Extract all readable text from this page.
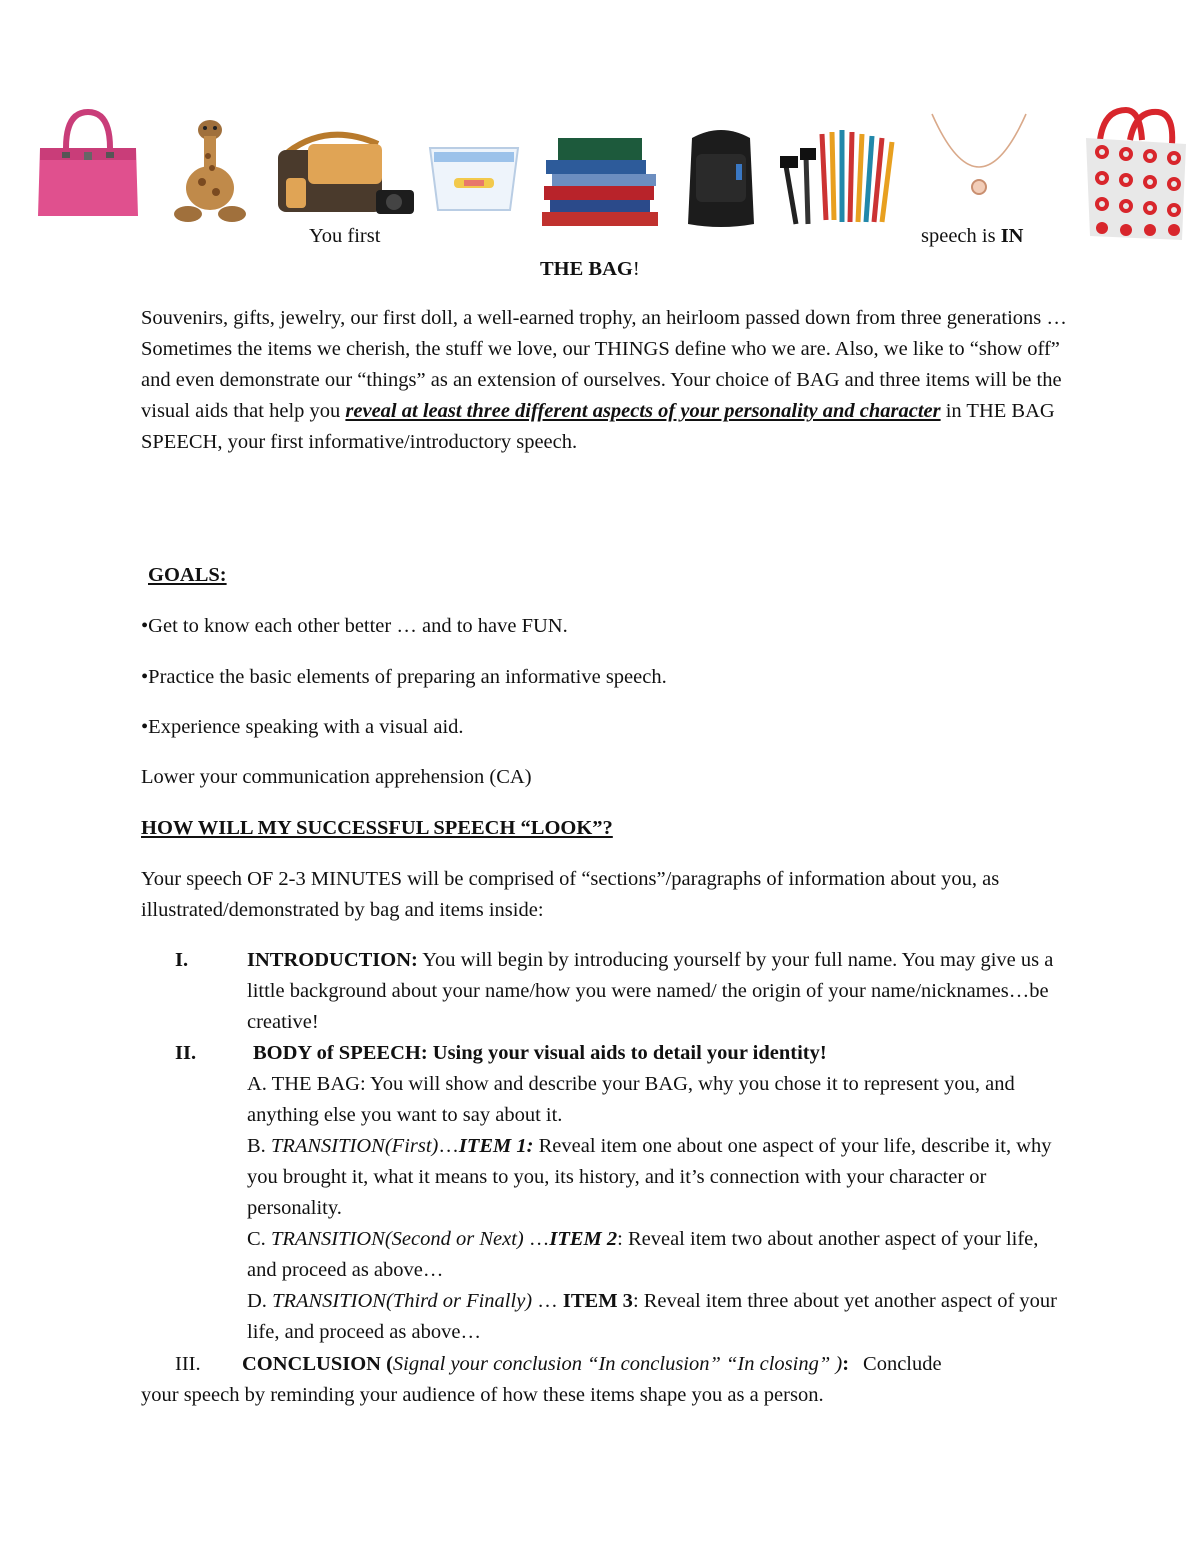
You first	speech is IN
THE BAG!
Souvenirs, gifts, jewelry, our first doll, a well-earned trophy, an heirloom passed down from three generations … Sometimes the items we cherish, the stuff we love, our THINGS define who we are. Also, we like to “show off” and even demonstrate our “things” as an extension of ourselves. Your choice of BAG and three items will be the visual aids that help you reveal at least three different aspects of your personality and character in THE BAG SPEECH, your first informative/introductory speech.
GOALS:
•Get to know each other better … and to have FUN.
•Practice the basic elements of preparing an informative speech.
•Experience speaking with a visual aid.
Lower your communication apprehension (CA)
HOW WILL MY SUCCESSFUL SPEECH “LOOK”?
Your speech OF 2-3 MINUTES will be comprised of “sections”/paragraphs of information about you, as illustrated/demonstrated by bag and items inside:
I.	INTRODUCTION: You will begin by introducing yourself by your full name. You may give us a little background about your name/how you were named/ the origin of your name/nicknames…be creative!
II.	BODY of SPEECH: Using your visual aids to detail your identity!
A. THE BAG: You will show and describe your BAG, why you chose it to represent you, and anything else you want to say about it.
B. TRANSITION(First)…ITEM 1: Reveal item one about one aspect of your life, describe it, why you brought it, what it means to you, its history, and it’s connection with your character or personality.
C. TRANSITION(Second or Next) …ITEM 2: Reveal item two about another aspect of your life, and proceed as above…
D. TRANSITION(Third or Finally) … ITEM 3: Reveal item three about yet another aspect of your life, and proceed as above…
III. CONCLUSION (Signal your conclusion “In conclusion” “In closing” ): Conclude
your speech by reminding your audience of how these items shape you as a person.
